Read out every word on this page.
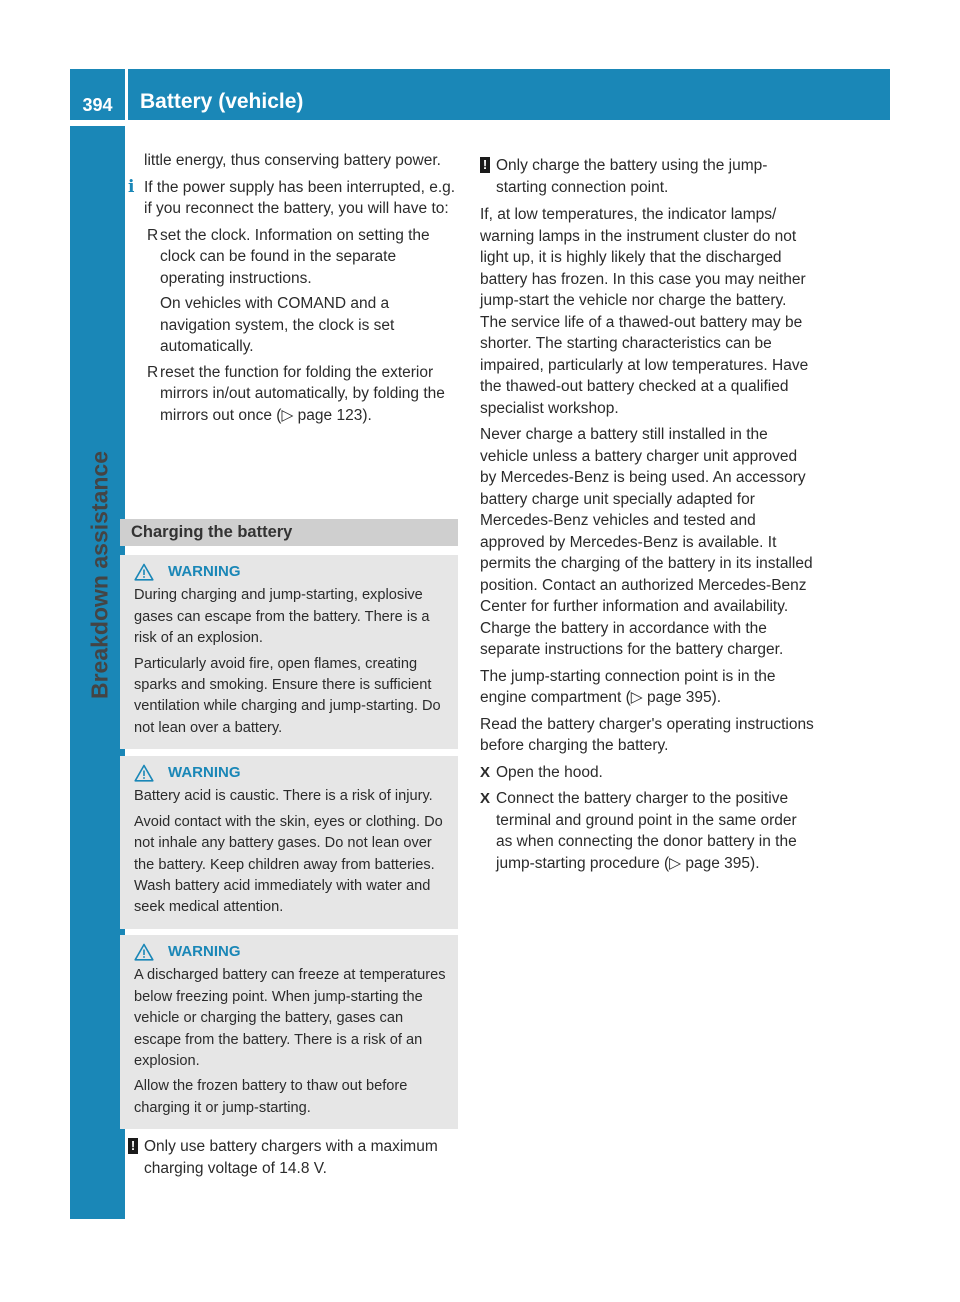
394	Battery (vehicle)
Breakdown assistance

little energy, thus conserving battery power.

i If the power supply has been interrupted, e.g. if you reconnect the battery, you will have to:
R set the clock. Information on setting the clock can be found in the separate operating instructions.
On vehicles with COMAND and a navigation system, the clock is set automatically.
R reset the function for folding the exterior mirrors in/out automatically, by folding the mirrors out once (▷ page 123).
Charging the battery
WARNING

During charging and jump-starting, explosive gases can escape from the battery. There is a risk of an explosion.

Particularly avoid fire, open flames, creating sparks and smoking. Ensure there is sufficient ventilation while charging and jump-starting. Do not lean over a battery.

WARNING

Battery acid is caustic. There is a risk of injury.

Avoid contact with the skin, eyes or clothing. Do not inhale any battery gases. Do not lean over the battery. Keep children away from batteries. Wash battery acid immediately with water and seek medical attention.

WARNING

A discharged battery can freeze at temperatures below freezing point. When jump-starting the vehicle or charging the battery, gases can escape from the battery. There is a risk of an explosion.

Allow the frozen battery to thaw out before charging it or jump-starting.

! Only use battery chargers with a maximum charging voltage of 14.8 V.
! Only charge the battery using the jump-starting connection point.

If, at low temperatures, the indicator lamps/ warning lamps in the instrument cluster do not light up, it is highly likely that the discharged battery has frozen. In this case you may neither jump-start the vehicle nor charge the battery. The service life of a thawed-out battery may be shorter. The starting characteristics can be impaired, particularly at low temperatures. Have the thawed-out battery checked at a qualified specialist workshop.

Never charge a battery still installed in the vehicle unless a battery charger unit approved by Mercedes-Benz is being used. An accessory battery charge unit specially adapted for Mercedes-Benz vehicles and tested and approved by Mercedes-Benz is available. It permits the charging of the battery in its installed position. Contact an authorized Mercedes-Benz Center for further information and availability. Charge the battery in accordance with the separate instructions for the battery charger.

The jump-starting connection point is in the engine compartment (▷ page 395).

Read the battery charger's operating instructions before charging the battery.

X Open the hood.
X Connect the battery charger to the positive terminal and ground point in the same order as when connecting the donor battery in the jump-starting procedure (▷ page 395).
